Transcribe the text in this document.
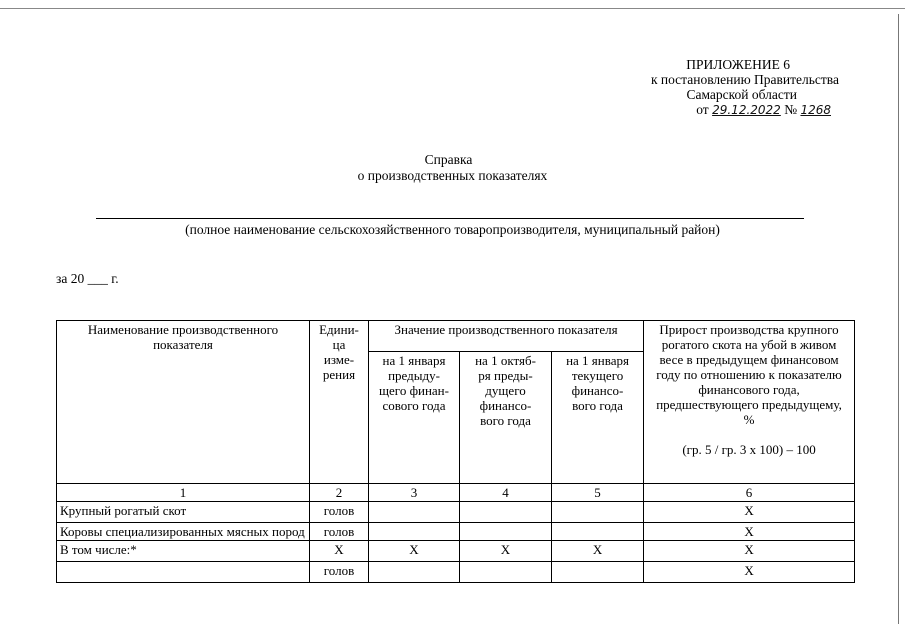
ПРИЛОЖЕНИЕ 6
к постановлению Правительства
Самарской области
от 29.12.2022 № 1268
Справка
о производственных показателях
(полное наименование сельскохозяйственного товаропроизводителя, муниципальный район)
за 20 ___ г.
Наименование производственного показателя	Едини-ца изме-рения	Значение производственного показателя			Прирост производства крупного рогатого скота на убой в живом весе в предыдущем финансовом году по отношению к показателю финансового года, предшествующего предыдущему, %
(гр. 5 / гр. 3 х 100) – 100

		на 1 января предыду-щего финан-сового года	на 1 октяб-ря преды-дущего финансо-вого года	на 1 января текущего финансо-вого года	
1	2	3	4	5	6
Крупный рогатый скот	голов				Х
Коровы специализированных мясных пород	голов				Х
В том числе:*	Х	Х	Х	Х	Х
	голов				Х
